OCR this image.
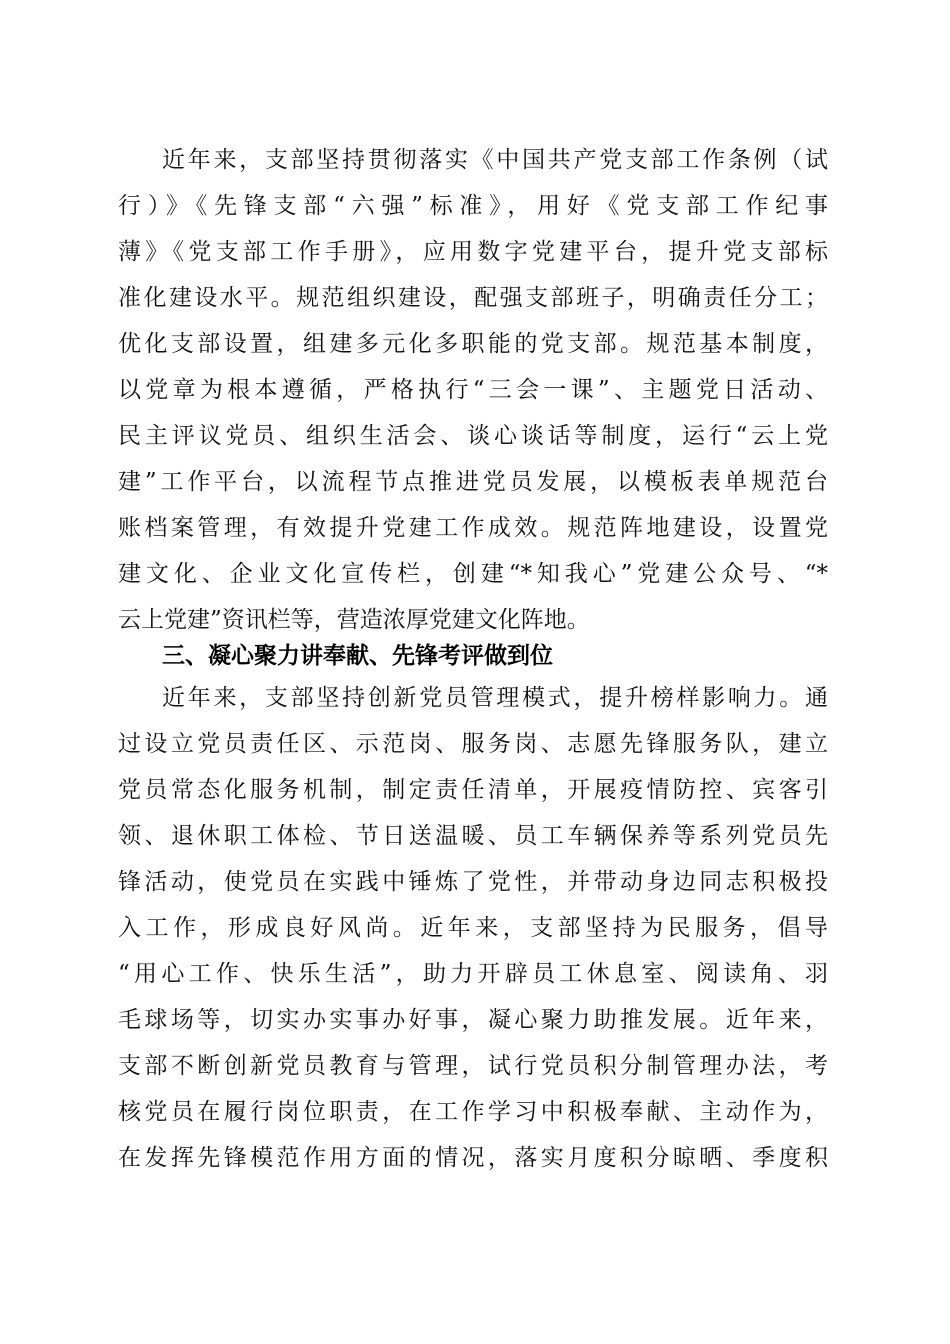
近年来，支部坚持贯彻落实《中国共产党支部工作条例（试
行）》《先锋支部“六强”标准》，用好《党支部工作纪事
薄》《党支部工作手册》，应用数字党建平台，提升党支部标
准化建设水平。规范组织建设，配强支部班子，明确责任分工；
优化支部设置，组建多元化多职能的党支部。规范基本制度，
以党章为根本遵循，严格执行“三会一课”、主题党日活动、
民主评议党员、组织生活会、谈心谈话等制度，运行“云上党
建”工作平台，以流程节点推进党员发展，以模板表单规范台
账档案管理，有效提升党建工作成效。规范阵地建设，设置党
建文化、企业文化宣传栏，创建“*知我心”党建公众号、“*
云上党建”资讯栏等，营造浓厚党建文化阵地。
三、凝心聚力讲奉献、先锋考评做到位
近年来，支部坚持创新党员管理模式，提升榜样影响力。通
过设立党员责任区、示范岗、服务岗、志愿先锋服务队，建立
党员常态化服务机制，制定责任清单，开展疫情防控、宾客引
领、退休职工体检、节日送温暖、员工车辆保养等系列党员先
锋活动，使党员在实践中锤炼了党性，并带动身边同志积极投
入工作，形成良好风尚。近年来，支部坚持为民服务，倡导
“用心工作、快乐生活”，助力开辟员工休息室、阅读角、羽
毛球场等，切实办实事办好事，凝心聚力助推发展。近年来，
支部不断创新党员教育与管理，试行党员积分制管理办法，考
核党员在履行岗位职责，在工作学习中积极奉献、主动作为，
在发挥先锋模范作用方面的情况，落实月度积分晾晒、季度积
